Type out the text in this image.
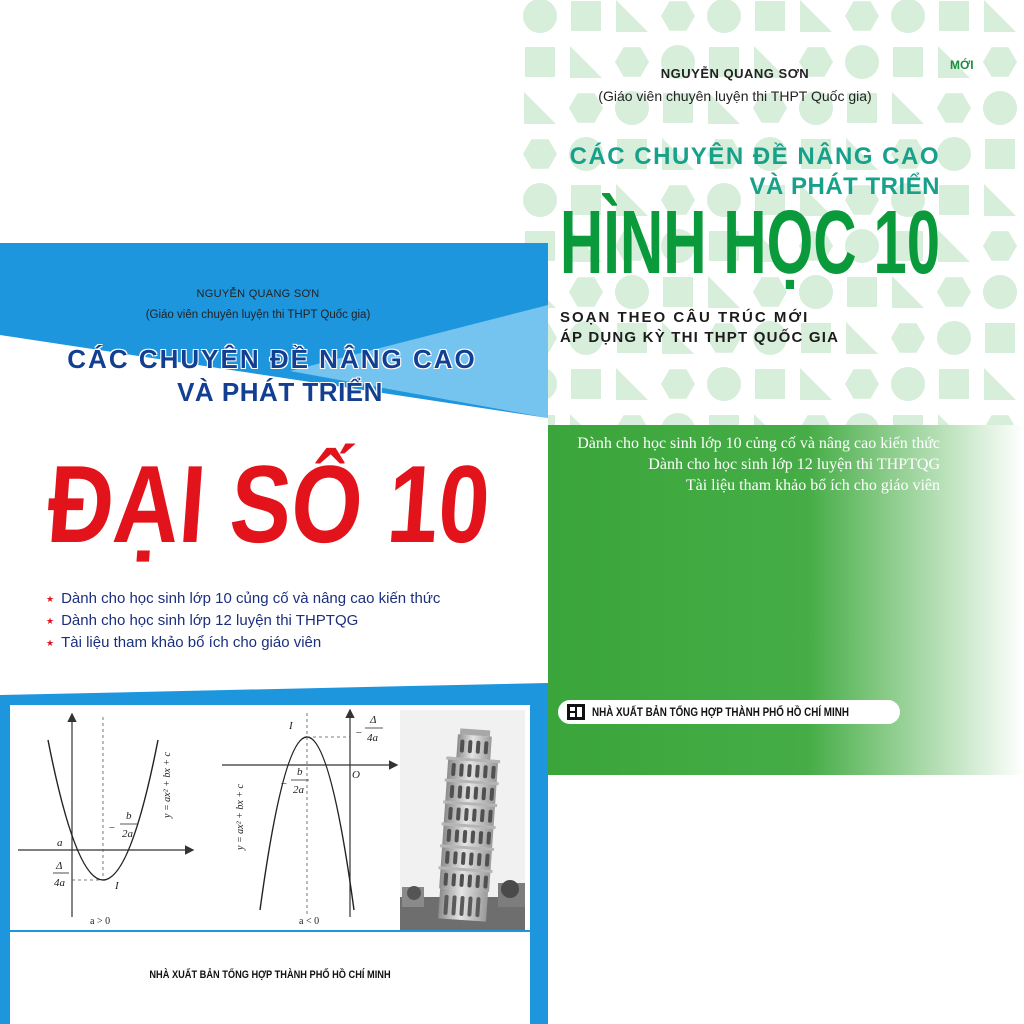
MỚI
NGUYỄN QUANG SƠN
(Giáo viên chuyên luyện thi THPT Quốc gia)
CÁC CHUYÊN ĐỀ NÂNG CAO
VÀ PHÁT TRIỂN
HÌNH HỌC 10
SOẠN THEO CÂU TRÚC MỚI
ÁP DỤNG KỲ THI THPT QUỐC GIA
Dành cho học sinh lớp 10 củng cố và nâng cao kiến thức
Dành cho học sinh lớp 12 luyện thi THPTQG
Tài liệu tham khảo bổ ích cho giáo viên
NHÀ XUẤT BẢN TỔNG HỢP THÀNH PHỐ HỒ CHÍ MINH
NGUYỄN QUANG SƠN
(Giáo viên chuyên luyện thi THPT Quốc gia)
CÁC CHUYÊN ĐỀ NÂNG CAO
VÀ PHÁT TRIỂN
ĐẠI SỐ 10
★ Dành cho học sinh lớp 10 củng cố và nâng cao kiến thức
★ Dành cho học sinh lớp 12 luyện thi THPTQG
★ Tài liệu tham khảo bổ ích cho giáo viên
a
Δ
4a
−
b
2a
I
y = ax² + bx + c
a > 0
I
−
Δ
4a
−
b
2a
O
y = ax² + bx + c
a < 0
NHÀ XUẤT BẢN TỔNG HỢP THÀNH PHỐ HỒ CHÍ MINH
